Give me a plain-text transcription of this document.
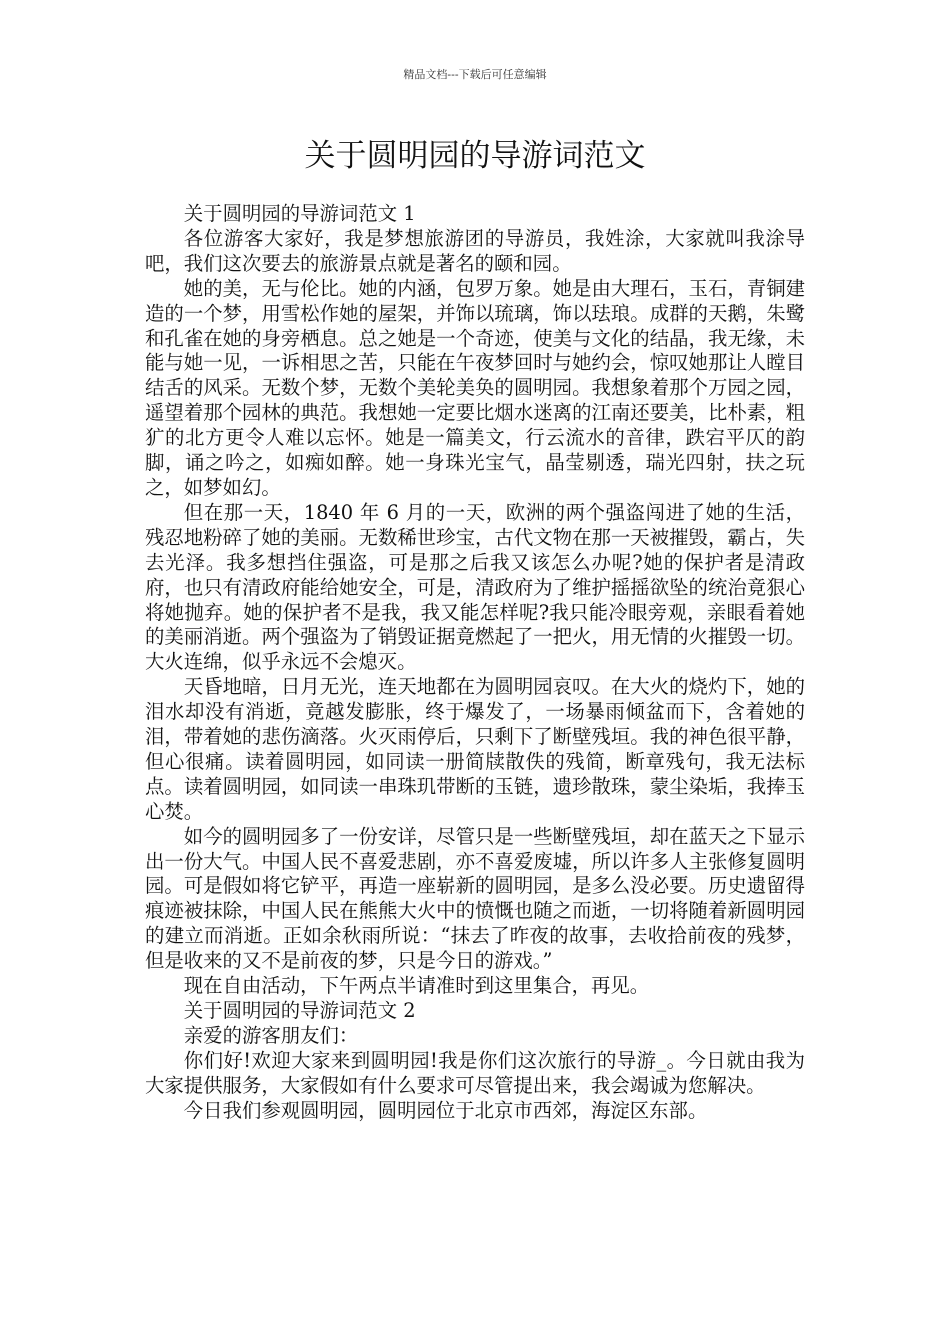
精品文档---下载后可任意编辑
关于圆明园的导游词范文

关于圆明园的导游词范文 1

各位游客大家好，我是梦想旅游团的导游员，我姓涂，大家就叫我涂导吧，我们这次要去的旅游景点就是著名的颐和园。

她的美，无与伦比。她的内涵，包罗万象。她是由大理石，玉石，青铜建造的一个梦，用雪松作她的屋架，并饰以琉璃，饰以珐琅。成群的天鹅，朱鹭和孔雀在她的身旁栖息。总之她是一个奇迹，使美与文化的结晶，我无缘，未能与她一见，一诉相思之苦，只能在午夜梦回时与她约会，惊叹她那让人瞠目结舌的风采。无数个梦，无数个美轮美奂的圆明园。我想象着那个万园之园，遥望着那个园林的典范。我想她一定要比烟水迷离的江南还要美，比朴素，粗犷的北方更令人难以忘怀。她是一篇美文，行云流水的音律，跌宕平仄的韵脚，诵之吟之，如痴如醉。她一身珠光宝气，晶莹剔透，瑞光四射，扶之玩之，如梦如幻。

但在那一天，1840 年 6 月的一天，欧洲的两个强盗闯进了她的生活，残忍地粉碎了她的美丽。无数稀世珍宝，古代文物在那一天被摧毁，霸占，失去光泽。我多想挡住强盗，可是那之后我又该怎么办呢?她的保护者是清政府，也只有清政府能给她安全，可是，清政府为了维护摇摇欲坠的统治竟狠心将她抛弃。她的保护者不是我，我又能怎样呢?我只能冷眼旁观，亲眼看着她的美丽消逝。两个强盗为了销毁证据竟燃起了一把火，用无情的火摧毁一切。大火连绵，似乎永远不会熄灭。

天昏地暗，日月无光，连天地都在为圆明园哀叹。在大火的烧灼下，她的泪水却没有消逝，竟越发膨胀，终于爆发了，一场暴雨倾盆而下，含着她的泪，带着她的悲伤滴落。火灭雨停后，只剩下了断壁残垣。我的神色很平静，但心很痛。读着圆明园，如同读一册简牍散佚的残简，断章残句，我无法标点。读着圆明园，如同读一串珠玑带断的玉链，遗珍散珠，蒙尘染垢，我捧玉心焚。

如今的圆明园多了一份安详，尽管只是一些断壁残垣，却在蓝天之下显示出一份大气。中国人民不喜爱悲剧，亦不喜爱废墟，所以许多人主张修复圆明园。可是假如将它铲平，再造一座崭新的圆明园，是多么没必要。历史遗留得痕迹被抹除，中国人民在熊熊大火中的愤慨也随之而逝，一切将随着新圆明园的建立而消逝。正如余秋雨所说：“抹去了昨夜的故事，去收拾前夜的残梦，但是收来的又不是前夜的梦，只是今日的游戏。”

现在自由活动，下午两点半请准时到这里集合，再见。

关于圆明园的导游词范文 2

亲爱的游客朋友们：

你们好!欢迎大家来到圆明园!我是你们这次旅行的导游_。今日就由我为大家提供服务，大家假如有什么要求可尽管提出来，我会竭诚为您解决。

今日我们参观圆明园，圆明园位于北京市西郊，海淀区东部。
